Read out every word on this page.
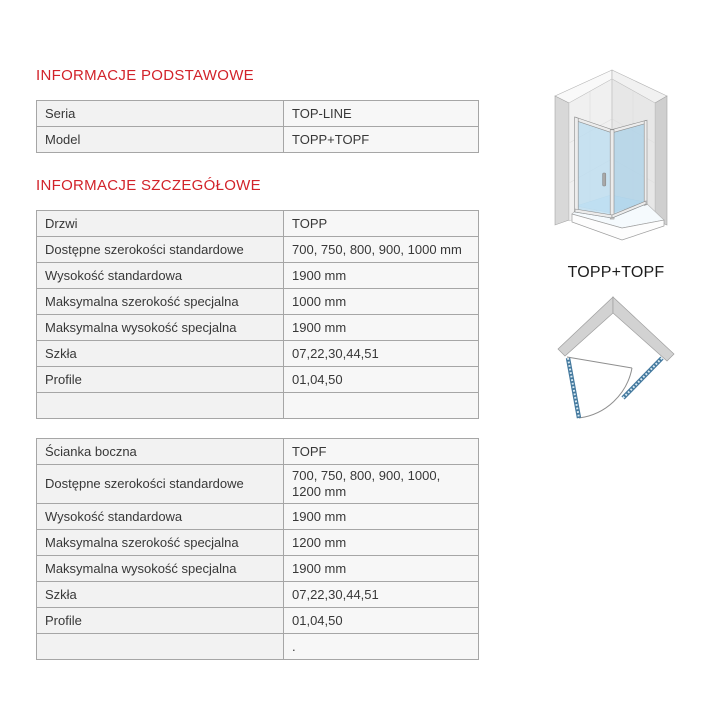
INFORMACJE PODSTAWOWE
Seria	TOP-LINE
Model	TOPP+TOPF
INFORMACJE SZCZEGÓŁOWE
Drzwi	TOPP
Dostępne szerokości standardowe	700, 750, 800, 900, 1000 mm
Wysokość standardowa	1900 mm
Maksymalna szerokość specjalna	1000 mm
Maksymalna wysokość specjalna	1900 mm
Szkła	07,22,30,44,51
Profile	01,04,50

Ścianka boczna	TOPF
Dostępne szerokości standardowe	700, 750, 800, 900, 1000, 1200 mm
Wysokość standardowa	1900 mm
Maksymalna szerokość specjalna	1200 mm
Maksymalna wysokość specjalna	1900 mm
Szkła	07,22,30,44,51
Profile	01,04,50
	.
TOPP+TOPF
